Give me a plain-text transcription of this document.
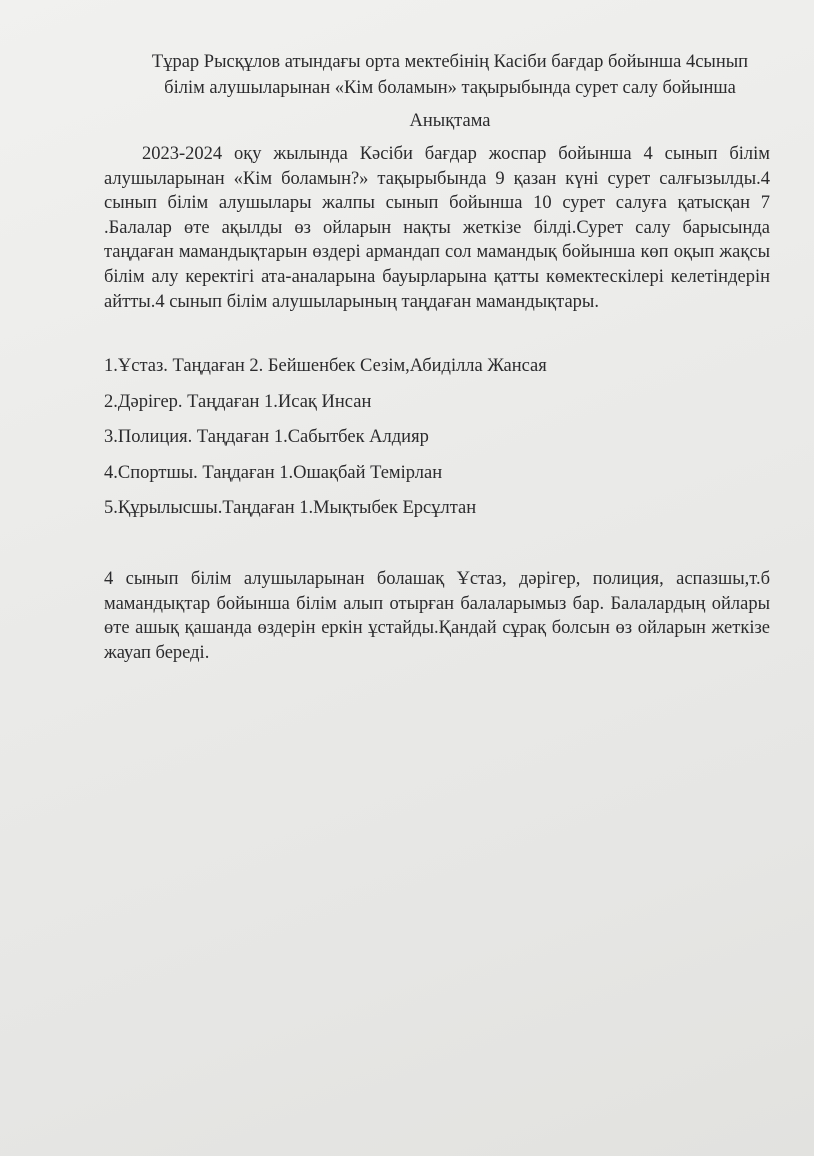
Тұрар Рысқұлов атындағы орта мектебінің Касіби бағдар бойынша 4сынып

білім алушыларынан «Кім боламын» тақырыбында сурет салу бойынша

Анықтама

2023-2024 оқу жылында Кәсіби бағдар жоспар бойынша 4 сынып білім алушыларынан «Кім боламын?» тақырыбында 9 қазан күні сурет салғызылды.4 сынып білім алушылары жалпы сынып бойынша 10 сурет салуға қатысқан 7 .Балалар өте ақылды өз ойларын нақты жеткізе білді.Сурет салу барысында таңдаған мамандықтарын өздері армандап сол мамандық бойынша көп оқып жақсы білім алу керектігі ата-аналарына бауырларына қатты көмектескілері келетіндерін айтты.4 сынып білім алушыларының таңдаған мамандықтары.

1.Ұстаз. Таңдаған 2. Бейшенбек Сезім,Абиділла Жансая
2.Дәрігер. Таңдаған 1.Исақ Инсан
3.Полиция. Таңдаған 1.Сабытбек Алдияр
4.Спортшы. Таңдаған 1.Ошақбай Темірлан
5.Құрылысшы.Таңдаған 1.Мықтыбек Ерсұлтан

4 сынып білім алушыларынан болашақ Ұстаз, дәрігер, полиция, аспазшы,т.б мамандықтар бойынша білім алып отырған балаларымыз бар. Балалардың ойлары өте ашық қашанда өздерін еркін ұстайды.Қандай сұрақ болсын өз ойларын жеткізе жауап береді.
